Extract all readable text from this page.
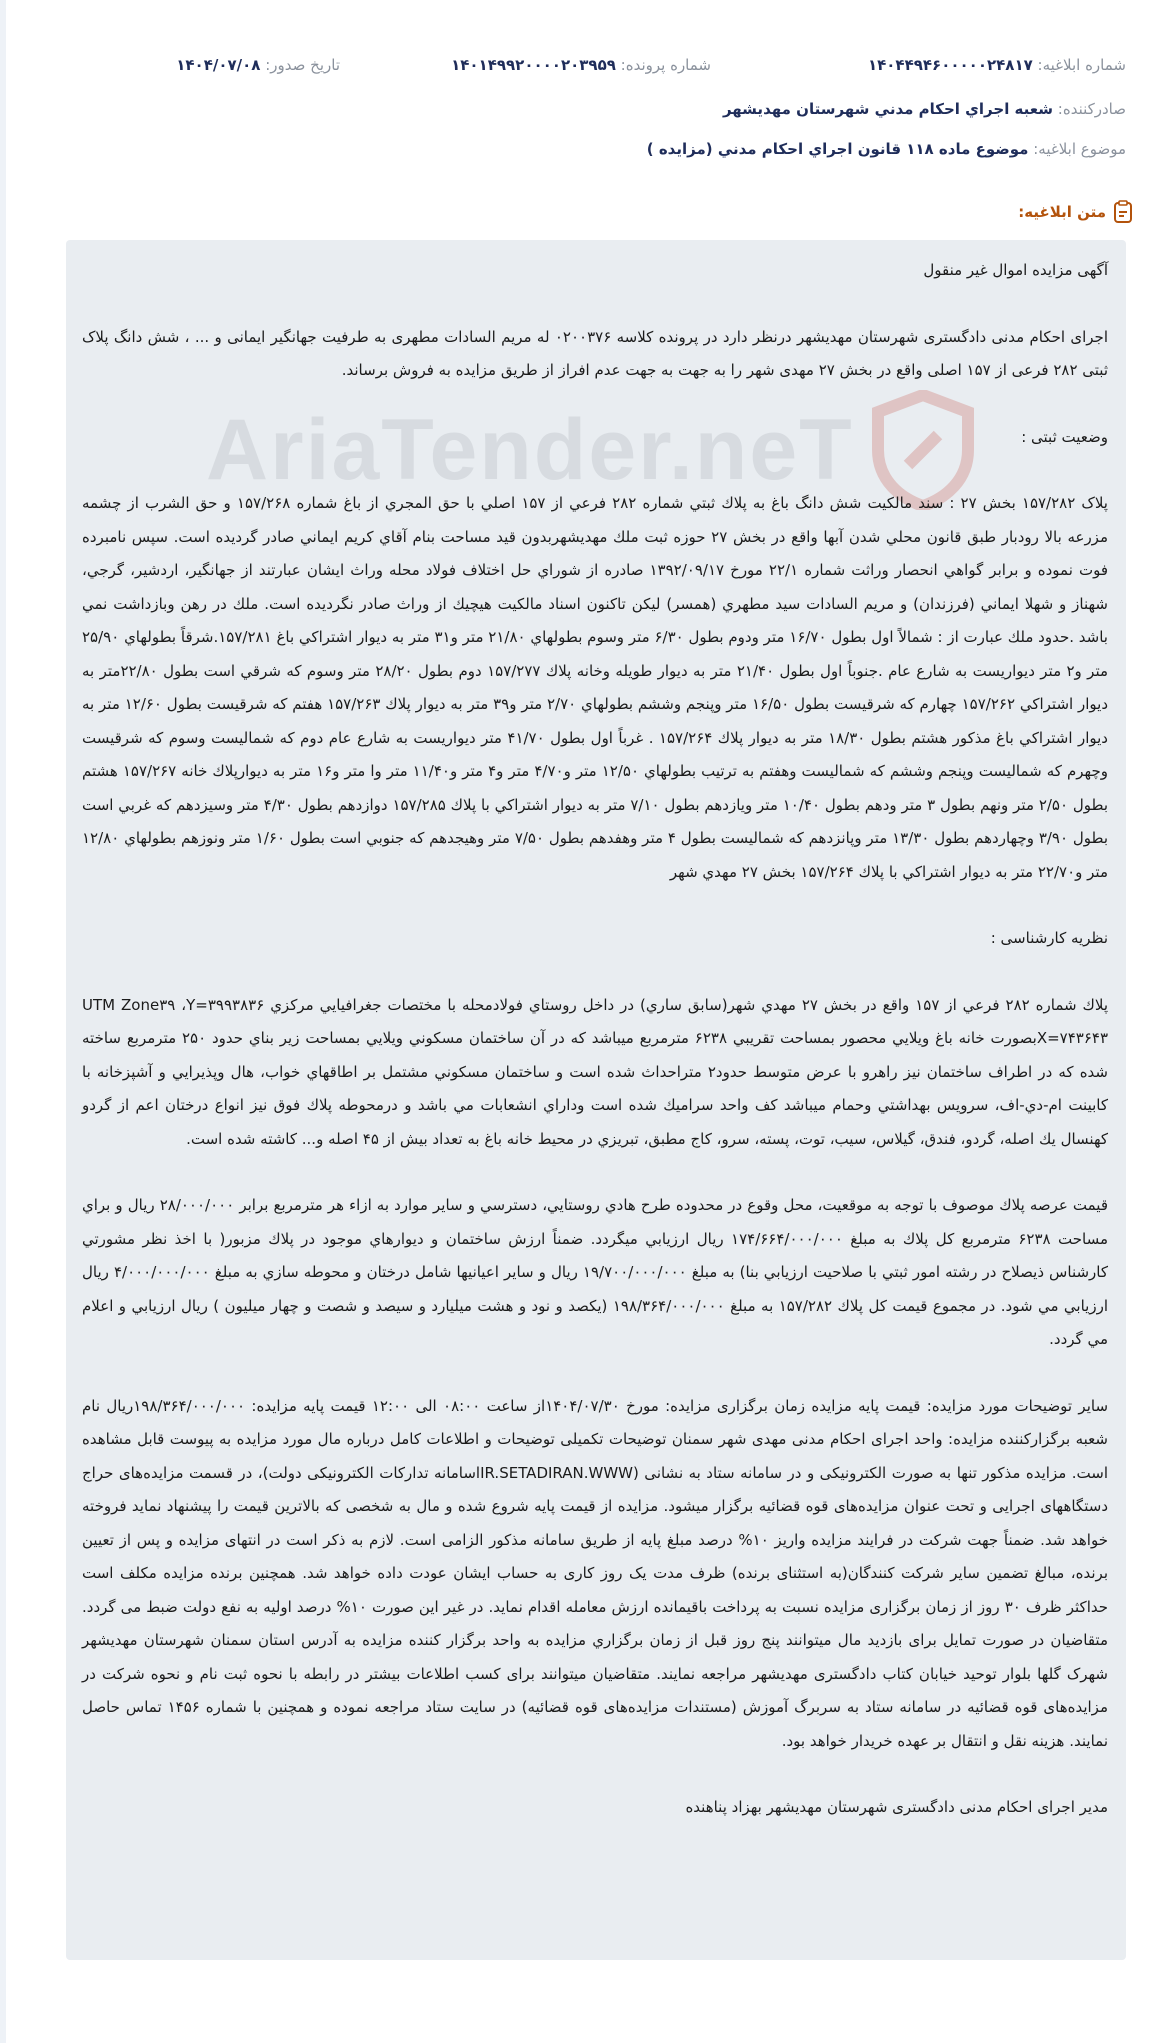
شماره ابلاغیه: ۱۴۰۴۴۹۴۶۰۰۰۰۰۲۴۸۱۷
شماره پرونده: ۱۴۰۱۴۹۹۲۰۰۰۰۲۰۳۹۵۹
تاریخ صدور: ۱۴۰۴/۰۷/۰۸
صادرکننده:

شعبه اجراي احكام مدني شهرستان مهديشهر
موضوع ابلاغیه:

موضوع ماده ۱۱۸ قانون اجراي احكام مدني (مزايده )
متن ابلاغیه:
AriaTender.neT

آگهی مزایده اموال غیر منقول

اجرای احکام مدنی دادگستری شهرستان مهدیشهر درنظر دارد در پرونده کلاسه ۰۲۰۰۳۷۶ له مریم السادات مطهری به طرفیت جهانگیر ایمانی و ... ، شش دانگ پلاک ثبتی ۲۸۲ فرعی از ۱۵۷ اصلی واقع در بخش ۲۷ مهدی شهر را به جهت به جهت عدم افراز از طریق مزایده به فروش برساند.

وضعیت ثبتی :

پلاک ۱۵۷/۲۸۲ بخش ۲۷ : سند مالكيت شش دانگ باغ به پلاك ثبتي شماره ۲۸۲ فرعي از ۱۵۷ اصلي با حق المجري از باغ شماره ۱۵۷/۲۶۸ و حق الشرب از چشمه مزرعه بالا رودبار طبق قانون محلي شدن آبها واقع در بخش ۲۷ حوزه ثبت ملك مهديشهربدون قيد مساحت بنام آقاي كريم ايماني صادر گرديده است. سپس نامبرده فوت نموده و برابر گواهي انحصار وراثت شماره ۲۲/۱ مورخ ۱۳۹۲/۰۹/۱۷ صادره از شوراي حل اختلاف فولاد محله وراث ايشان عبارتند از جهانگير، اردشير، گرجي، شهناز و شهلا ايماني (فرزندان) و مريم السادات سيد مطهري (همسر) ليكن تاكنون اسناد مالكيت هيچيك از وراث صادر نگرديده است. ملك در رهن وبازداشت نمي باشد .حدود ملك عبارت از : شمالاً اول بطول ۱۶/۷۰ متر ودوم بطول ۶/۳۰ متر وسوم بطولهاي ۲۱/۸۰ متر و۳۱ متر به ديوار اشتراكي باغ ۱۵۷/۲۸۱.شرقاً بطولهاي ۲۵/۹۰ متر و۲ متر ديواريست به شارع عام .جنوباً اول بطول ۲۱/۴۰ متر به ديوار طويله وخانه پلاك ۱۵۷/۲۷۷ دوم بطول ۲۸/۲۰ متر وسوم كه شرقي است بطول ۲۲/۸۰متر به ديوار اشتراكي ۱۵۷/۲۶۲ چهارم كه شرقيست بطول ۱۶/۵۰ متر وپنجم وششم بطولهاي ۲/۷۰ متر و۳۹ متر به ديوار پلاك ۱۵۷/۲۶۳ هفتم كه شرقيست بطول ۱۲/۶۰ متر به ديوار اشتراكي باغ مذكور هشتم بطول ۱۸/۳۰ متر به ديوار پلاك ۱۵۷/۲۶۴ . غرباً اول بطول ۴۱/۷۰ متر ديواريست به شارع عام دوم كه شماليست وسوم كه شرقيست وچهرم كه شماليست وپنجم وششم كه شماليست وهفتم به ترتيب بطولهاي ۱۲/۵۰ متر و۴/۷۰ متر و۴ متر و۱۱/۴۰ متر وا متر و۱۶ متر به ديوارپلاك خانه ۱۵۷/۲۶۷ هشتم بطول ۲/۵۰ متر ونهم بطول ۳ متر ودهم بطول ۱۰/۴۰ متر ويازدهم بطول ۷/۱۰ متر به ديوار اشتراكي با پلاك ۱۵۷/۲۸۵ دوازدهم بطول ۴/۳۰ متر وسيزدهم كه غربي است بطول ۳/۹۰ وچهاردهم بطول ۱۳/۳۰ متر وپانزدهم كه شماليست بطول ۴ متر وهفدهم بطول ۷/۵۰ متر وهيجدهم كه جنوبي است بطول ۱/۶۰ متر ونوزهم بطولهاي ۱۲/۸۰ متر و۲۲/۷۰ متر به ديوار اشتراكي با پلاك ۱۵۷/۲۶۴ بخش ۲۷ مهدي شهر

نظریه کارشناسی :

پلاك شماره ۲۸۲ فرعي از ۱۵۷ واقع در بخش ۲۷ مهدي شهر(سابق ساري) در داخل روستاي فولادمحله با مختصات جغرافيايي مركزي UTM Zone۳۹ ،Y=۳۹۹۳۸۳۶ X=۷۴۳۶۴۳بصورت خانه باغ ويلايي محصور بمساحت تقريبي ۶۲۳۸ مترمربع ميباشد كه در آن ساختمان مسكوني ويلايي بمساحت زير بناي حدود ۲۵۰ مترمربع ساخته شده كه در اطراف ساختمان نيز راهرو با عرض متوسط حدود۲ متراحداث شده است و ساختمان مسكوني مشتمل بر اطاقهاي خواب، هال وپذيرايي و آشپزخانه با كابينت ام-دي-اف، سرويس بهداشتي وحمام ميباشد كف واحد سراميك شده است وداراي انشعابات مي باشد و درمحوطه پلاك فوق نيز انواع درختان اعم از گردو كهنسال يك اصله، گردو، فندق، گيلاس، سيب، توت، پسته، سرو، كاج مطبق، تبريزي در محيط خانه باغ به تعداد بيش از ۴۵ اصله و... كاشته شده است.

قيمت عرصه پلاك موصوف با توجه به موقعيت، محل وقوع در محدوده طرح هادي روستايي، دسترسي و ساير موارد به ازاء هر مترمربع برابر ۲۸/۰۰۰/۰۰۰ ريال و براي مساحت ۶۲۳۸ مترمربع كل پلاك به مبلغ ۱۷۴/۶۶۴/۰۰۰/۰۰۰ ريال ارزيابي ميگردد. ضمناً ارزش ساختمان و ديوارهاي موجود در پلاك مزبور( با اخذ نظر مشورتي كارشناس ذيصلاح در رشته امور ثبتي با صلاحيت ارزيابي بنا) به مبلغ ۱۹/۷۰۰/۰۰۰/۰۰۰ ريال و ساير اعيانيها شامل درختان و محوطه سازي به مبلغ ۴/۰۰۰/۰۰۰/۰۰۰ ريال ارزيابي مي شود. در مجموع قيمت كل پلاك ۱۵۷/۲۸۲ به مبلغ ۱۹۸/۳۶۴/۰۰۰/۰۰۰ (يكصد و نود و هشت ميليارد و سيصد و شصت و چهار ميليون ) ريال ارزيابي و اعلام مي گردد.

سایر توضیحات مورد مزایده: قیمت پایه مزایده زمان برگزاری مزایده: مورخ ۱۴۰۴/۰۷/۳۰از ساعت ۰۸:۰۰ الی ۱۲:۰۰ قیمت پایه مزایده: ۱۹۸/۳۶۴/۰۰۰/۰۰۰ریال نام شعبه برگزارکننده مزایده: واحد اجرای احکام مدنی مهدی شهر سمنان توضیحات تکمیلی توضیحات و اطلاعات کامل درباره مال مورد مزایده به پیوست قابل مشاهده است. مزایده مذکور تنها به صورت الکترونیکی و در سامانه ستاد به نشانی (IR.SETADIRAN.WWWاسامانه تدارکات الکترونیکی دولت)، در قسمت مزایده‌های حراج دستگاههای اجرایی و تحت عنوان مزایده‌های قوه قضائیه برگزار میشود. مزایده از قیمت پایه شروع شده و مال به شخصی که بالاترین قیمت را پیشنهاد نماید فروخته خواهد شد. ضمناً جهت شرکت در فرایند مزایده واریز ۱۰% درصد مبلغ پایه از طریق سامانه مذکور الزامی است. لازم به ذکر است در انتهای مزایده و پس از تعیین برنده، مبالغ تضمین سایر شرکت کنندگان(به استثنای برنده) ظرف مدت یک روز کاری به حساب ایشان عودت داده خواهد شد. همچنین برنده مزایده مکلف است حداکثر ظرف ۳۰ روز از زمان برگزاری مزایده نسبت به پرداخت باقیمانده ارزش معامله اقدام نماید. در غیر این صورت ۱۰% درصد اولیه به نفع دولت ضبط می گردد. متقاضیان در صورت تمایل برای بازدید مال میتوانند پنج روز قبل از زمان برگزاري مزايده به واحد برگزار کننده مزایده به آدرس استان سمنان شهرستان مهدیشهر شهرک گلها بلوار توحید خیابان کتاب دادگستری مهدیشهر مراجعه نمایند. متقاضیان میتوانند برای کسب اطلاعات بیشتر در رابطه با نحوه ثبت نام و نحوه شرکت در مزایده‌های قوه قضائیه در سامانه ستاد به سربرگ آموزش (مستندات مزایده‌های قوه قضائیه) در سایت ستاد مراجعه نموده و همچنین با شماره ۱۴۵۶ تماس حاصل نمایند. هزینه نقل و انتقال بر عهده خریدار خواهد بود.

مدیر اجرای احکام مدنی دادگستری شهرستان مهدیشهر بهزاد پناهنده
